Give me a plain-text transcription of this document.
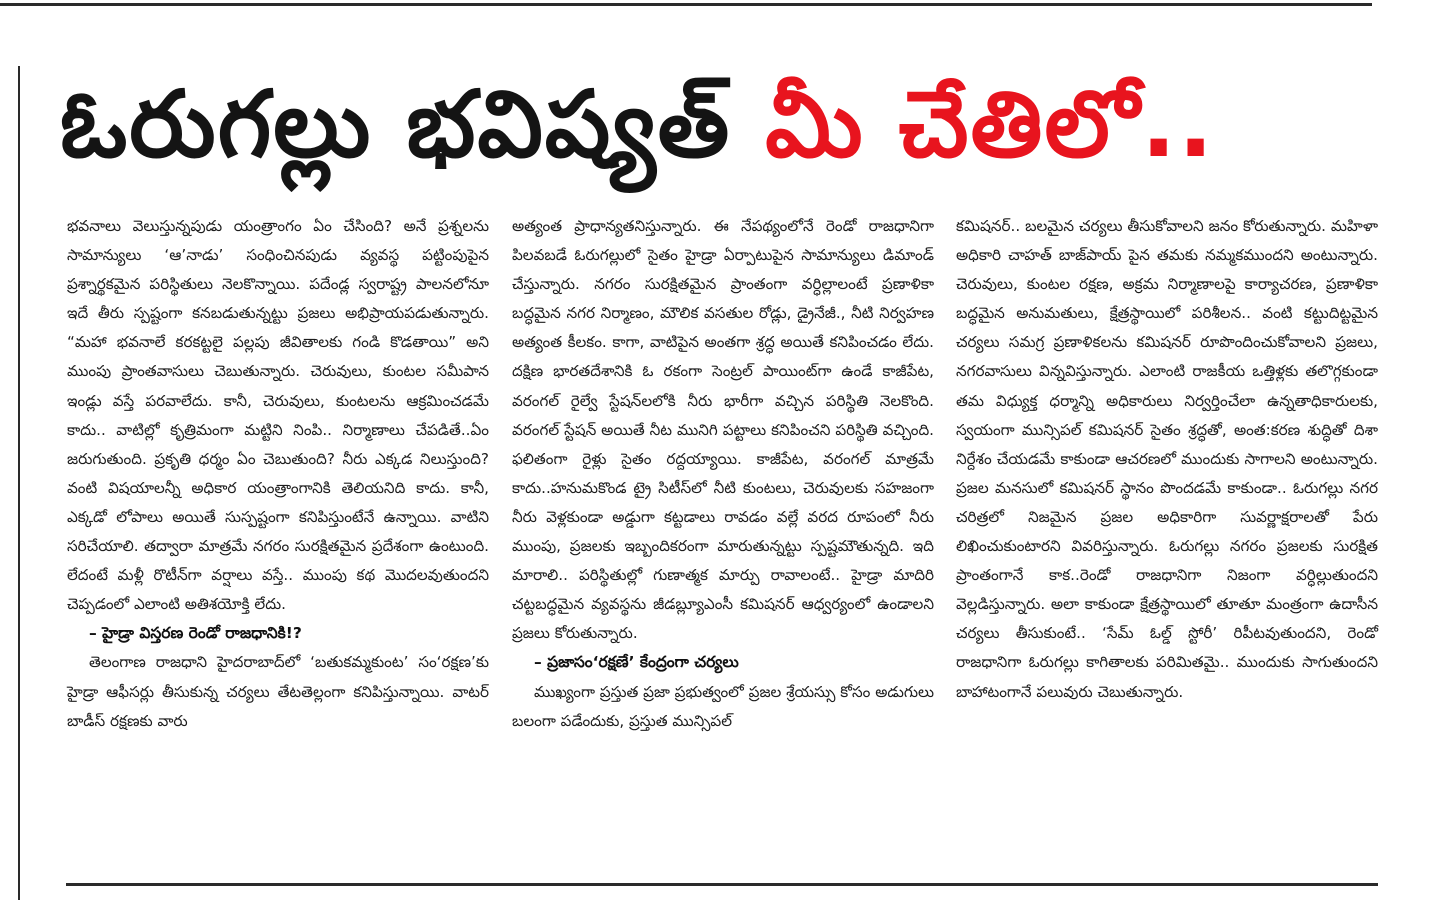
ఓరుగల్లు భవిష్యత్ మీ చేతిలో..

భవనాలు వెలుస్తున్నపుడు యంత్రాంగం ఏం చేసింది? అనే ప్రశ్నలను సామాన్యులు ‘ఆ’నాడు’ సంధించినపుడు వ్యవస్థ పట్టింపుపైన ప్రశ్నార్థకమైన పరిస్థితులు నెలకొన్నాయి. పదేండ్ల స్వరాష్ట్ర పాలనలోనూ ఇదే తీరు స్పష్టంగా కనబడుతున్నట్టు ప్రజలు అభిప్రాయపడుతున్నారు. “మహా భవనాలే కరకట్టలై పల్లపు జీవితాలకు గండి కొడతాయి” అని ముంపు ప్రాంతవాసులు చెబుతున్నారు. చెరువులు, కుంటల సమీపాన ఇండ్లు వస్తే పరవాలేదు. కానీ, చెరువులు, కుంటలను ఆక్రమించడమే కాదు.. వాటిల్లో కృత్రిమంగా మట్టిని నింపి.. నిర్మాణాలు చేపడితే..ఏం జరుగుతుంది. ప్రకృతి ధర్మం ఏం చెబుతుంది? నీరు ఎక్కడ నిలుస్తుంది? వంటి విషయాలన్నీ అధికార యంత్రాంగానికి తెలియనిది కాదు. కానీ, ఎక్కడో లోపాలు అయితే సుస్పష్టంగా కనిపిస్తుంటేనే ఉన్నాయి. వాటిని సరిచేయాలి. తద్వారా మాత్రమే నగరం సురక్షితమైన ప్రదేశంగా ఉంటుంది. లేదంటే మళ్లీ రొటీన్‌గా వర్షాలు వస్తే.. ముంపు కథ మొదలవుతుందని చెప్పడంలో ఎలాంటి అతిశయోక్తి లేదు.

– హైడ్రా విస్తరణ రెండో రాజధానికి!?

తెలంగాణ రాజధాని హైదరాబాద్‌లో ‘బతుకమ్మకుంట’ సం‘రక్షణ’కు హైడ్రా ఆఫీసర్లు తీసుకున్న చర్యలు తేటతెల్లంగా కనిపిస్తున్నాయి. వాటర్ బాడీస్ రక్షణకు వారు

అత్యంత ప్రాధాన్యతనిస్తున్నారు. ఈ నేపథ్యంలోనే రెండో రాజధానిగా పిలవబడే ఓరుగల్లులో సైతం హైడ్రా ఏర్పాటుపైన సామాన్యులు డిమాండ్ చేస్తున్నారు. నగరం సురక్షితమైన ప్రాంతంగా వర్ధిల్లాలంటే ప్రణాళికా బద్ధమైన నగర నిర్మాణం, మౌలిక వసతుల రోడ్లు, డ్రైనేజీ., నీటి నిర్వహణ అత్యంత కీలకం. కాగా, వాటిపైన అంతగా శ్రద్ధ అయితే కనిపించడం లేదు. దక్షిణ భారతదేశానికి ఓ రకంగా సెంట్రల్ పాయింట్‌గా ఉండే కాజీపేట, వరంగల్ రైల్వే స్టేషన్‌లలోకి నీరు భారీగా వచ్చిన పరిస్థితి నెలకొంది. వరంగల్ స్టేషన్ అయితే నీట మునిగి పట్టాలు కనిపించని పరిస్థితి వచ్చింది. ఫలితంగా రైళ్లు సైతం రద్దయ్యాయి. కాజీపేట, వరంగల్ మాత్రమే కాదు..హనుమకొండ ట్రై సిటీస్‌లో నీటి కుంటలు, చెరువులకు సహజంగా నీరు వెళ్లకుండా అడ్డుగా కట్టడాలు రావడం వల్లే వరద రూపంలో నీరు ముంపు, ప్రజలకు ఇబ్బందికరంగా మారుతున్నట్టు స్పష్టమౌతున్నది. ఇది మారాలి.. పరిస్థితుల్లో గుణాత్మక మార్పు రావాలంటే.. హైడ్రా మాదిరి చట్టబద్ధమైన వ్యవస్థను జీడబ్ల్యూఎంసీ కమిషనర్ ఆధ్వర్యంలో ఉండాలని ప్రజలు కోరుతున్నారు.

– ప్రజాసం‘రక్షణే’ కేంద్రంగా చర్యలు

ముఖ్యంగా ప్రస్తుత ప్రజా ప్రభుత్వంలో ప్రజల శ్రేయస్సు కోసం అడుగులు బలంగా పడేందుకు, ప్రస్తుత మున్సిపల్

కమిషనర్.. బలమైన చర్యలు తీసుకోవాలని జనం కోరుతున్నారు. మహిళా అధికారి చాహత్ బాజ్‌పాయ్ పైన తమకు నమ్మకముందని అంటున్నారు. చెరువులు, కుంటల రక్షణ, అక్రమ నిర్మాణాలపై కార్యాచరణ, ప్రణాళికా బద్ధమైన అనుమతులు, క్షేత్రస్థాయిలో పరిశీలన.. వంటి కట్టుదిట్టమైన చర్యలు సమగ్ర ప్రణాళికలను కమిషనర్ రూపొందించుకోవాలని ప్రజలు, నగరవాసులు విన్నవిస్తున్నారు. ఎలాంటి రాజకీయ ఒత్తిళ్లకు తలొగ్గకుండా తమ విధ్యుక్త ధర్మాన్ని అధికారులు నిర్వర్తించేలా ఉన్నతాధికారులకు, స్వయంగా మున్సిపల్ కమిషనర్ సైతం శ్రద్ధతో, అంత:కరణ శుద్ధితో దిశా నిర్దేశం చేయడమే కాకుండా ఆచరణలో ముందుకు సాగాలని అంటున్నారు. ప్రజల మనసులో కమిషనర్ స్థానం పొందడమే కాకుండా.. ఓరుగల్లు నగర చరిత్రలో నిజమైన ప్రజల అధికారిగా సువర్ణాక్షరాలతో పేరు లిఖించుకుంటారని వివరిస్తున్నారు. ఓరుగల్లు నగరం ప్రజలకు సురక్షిత ప్రాంతంగానే కాక..రెండో రాజధానిగా నిజంగా వర్ధిల్లుతుందని వెల్లడిస్తున్నారు. అలా కాకుండా క్షేత్రస్థాయిలో తూతూ మంత్రంగా ఉదాసీన చర్యలు తీసుకుంటే.. ‘సేమ్ ఓల్డ్ స్టోరీ’ రిపీటవుతుందని, రెండో రాజధానిగా ఓరుగల్లు కాగితాలకు పరిమితమై.. ముందుకు సాగుతుందని బాహాటంగానే పలువురు చెబుతున్నారు.
